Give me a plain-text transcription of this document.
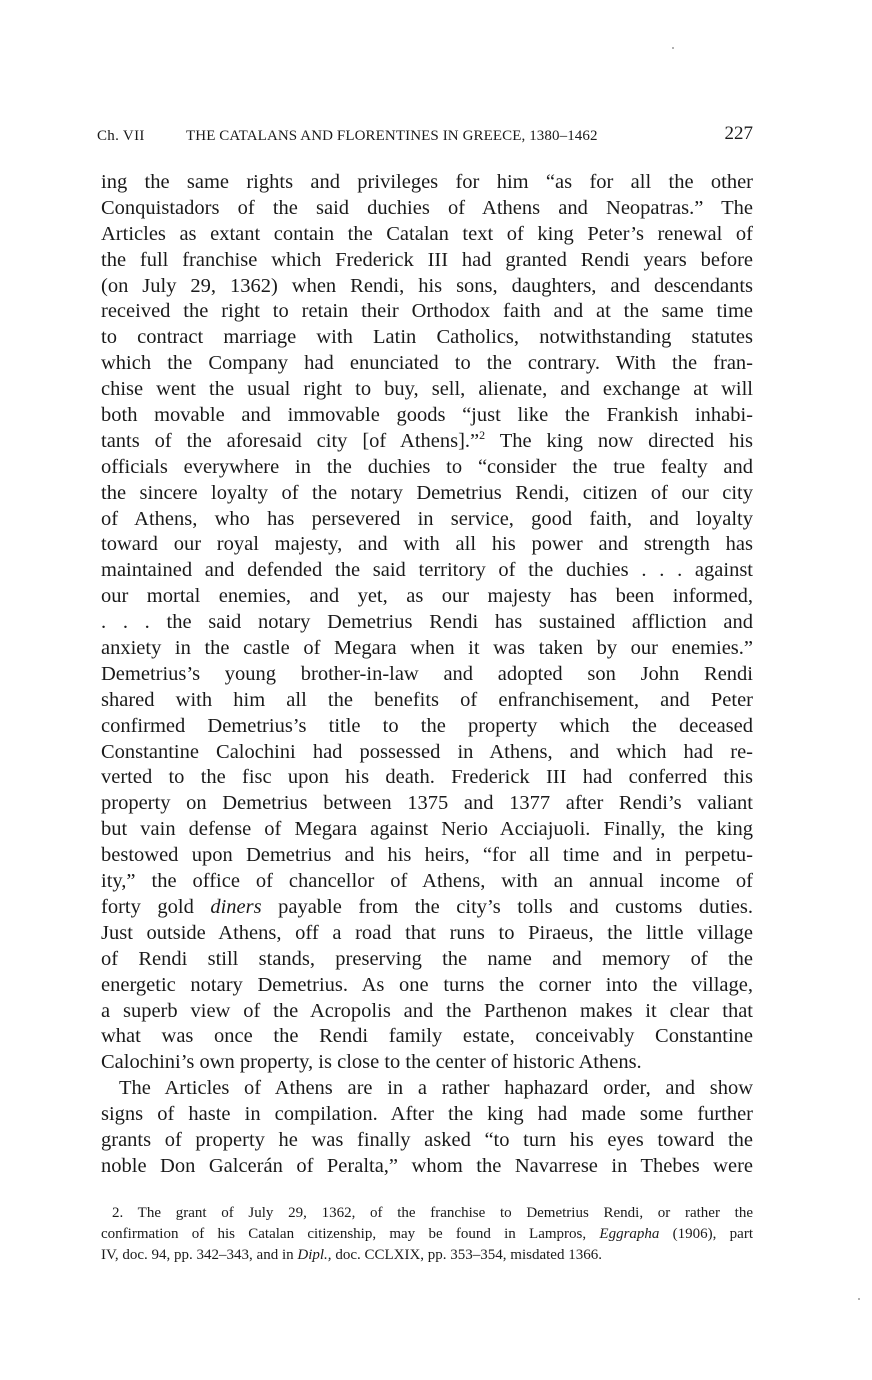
Ch. VII	THE CATALANS AND FLORENTINES IN GREECE, 1380–1462	227
ing the same rights and privileges for him “as for all the other
Conquistadors of the said duchies of Athens and Neopatras.” The
Articles as extant contain the Catalan text of king Peter’s renewal of
the full franchise which Frederick III had granted Rendi years before
(on July 29, 1362) when Rendi, his sons, daughters, and descendants
received the right to retain their Orthodox faith and at the same time
to contract marriage with Latin Catholics, notwithstanding statutes
which the Company had enunciated to the contrary. With the fran-
chise went the usual right to buy, sell, alienate, and exchange at will
both movable and immovable goods “just like the Frankish inhabi-
tants of the aforesaid city [of Athens].”$^2$ The king now directed his
officials everywhere in the duchies to “consider the true fealty and
the sincere loyalty of the notary Demetrius Rendi, citizen of our city
of Athens, who has persevered in service, good faith, and loyalty
toward our royal majesty, and with all his power and strength has
maintained and defended the said territory of the duchies . . . against
our mortal enemies, and yet, as our majesty has been informed,
. . . the said notary Demetrius Rendi has sustained affliction and
anxiety in the castle of Megara when it was taken by our enemies.”
Demetrius’s young brother-in-law and adopted son John Rendi
shared with him all the benefits of enfranchisement, and Peter
confirmed Demetrius’s title to the property which the deceased
Constantine Calochini had possessed in Athens, and which had re-
verted to the fisc upon his death. Frederick III had conferred this
property on Demetrius between 1375 and 1377 after Rendi’s valiant
but vain defense of Megara against Nerio Acciajuoli. Finally, the king
bestowed upon Demetrius and his heirs, “for all time and in perpetu-
ity,” the office of chancellor of Athens, with an annual income of
forty gold diners payable from the city’s tolls and customs duties.
Just outside Athens, off a road that runs to Piraeus, the little village
of Rendi still stands, preserving the name and memory of the
energetic notary Demetrius. As one turns the corner into the village,
a superb view of the Acropolis and the Parthenon makes it clear that
what was once the Rendi family estate, conceivably Constantine
Calochini’s own property, is close to the center of historic Athens.
The Articles of Athens are in a rather haphazard order, and show
signs of haste in compilation. After the king had made some further
grants of property he was finally asked “to turn his eyes toward the
noble Don Galcerán of Peralta,” whom the Navarrese in Thebes were
2. The grant of July 29, 1362, of the franchise to Demetrius Rendi, or rather the
confirmation of his Catalan citizenship, may be found in Lampros, Eggrapha (1906), part
IV, doc. 94, pp. 342–343, and in Dipl., doc. CCLXIX, pp. 353–354, misdated 1366.
